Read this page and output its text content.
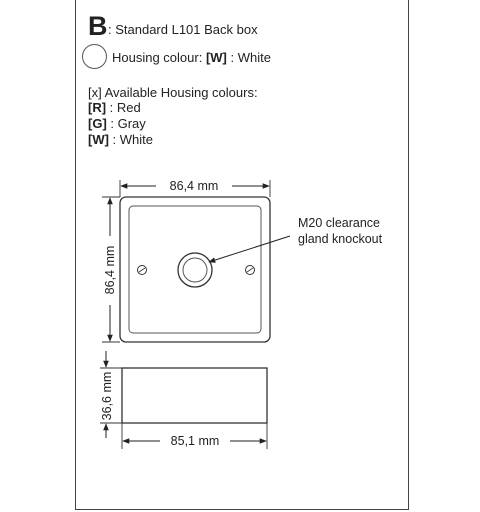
B : Standard L101 Back box
Housing colour: [W] : White
[x] Available Housing colours:
[R] : Red
[G] : Gray
[W] : White
86,4 mm
86,4 mm
M20 clearance
gland knockout
36,6 mm
85,1 mm
